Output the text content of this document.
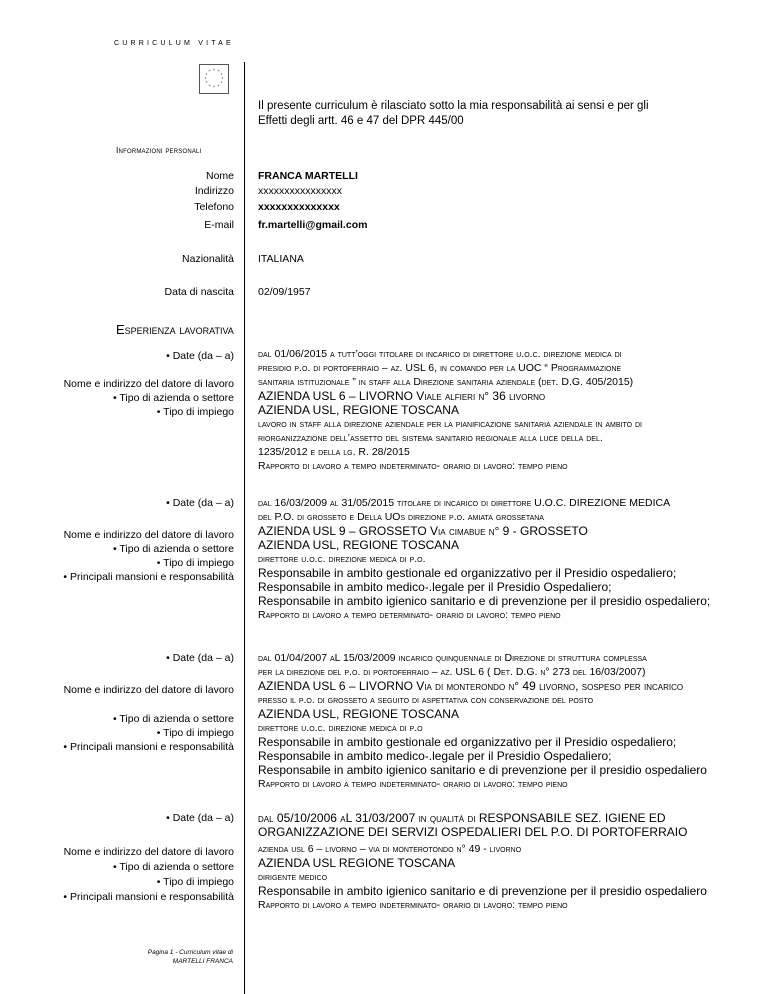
CURRICULUM VITAE
* *
*
*
*
*
*
*
*
*
*
*
Il presente curriculum è rilasciato sotto la mia responsabilità ai sensi e per gli
Effetti degli artt. 46 e 47 del DPR 445/00
Informazioni personali
Nome FRANCA MARTELLI
Indirizzo xxxxxxxxxxxxxxxx
Telefono xxxxxxxxxxxxxx
E-mail fr.martelli@gmail.com
Nazionalità ITALIANA
Data di nascita 02/09/1957
Esperienza lavorativa
• Date (da – a)
Nome e indirizzo del datore di lavoro
• Tipo di azienda o settore
• Tipo di impiego
dal 01/06/2015 a tutt’oggi titolare di incarico di direttore u.o.c. direzione medica di
presidio p.o. di portoferraio – az. USL 6, in comando per la UOC “ Programmazione
sanitaria istituzionale ” in staff alla Direzione sanitaria aziendale (det. D.G. 405/2015)
AZIENDA USL 6 – LIVORNO Viale alfieri n° 36 livorno
AZIENDA USL, REGIONE TOSCANA
lavoro in staff alla direzione aziendale per la pianificazione sanitaria aziendale in ambito di
riorganizzazione dell’assetto del sistema sanitario regionale alla luce della del.
1235/2012 e della lg. R. 28/2015
Rapporto di lavoro a tempo indeterminato- orario di lavoro: tempo pieno
• Date (da – a)
Nome e indirizzo del datore di lavoro
• Tipo di azienda o settore
• Tipo di impiego
• Principali mansioni e responsabilità
dal 16/03/2009 al 31/05/2015 titolare di incarico di direttore U.O.C. DIREZIONE MEDICA
del P.O. di grosseto e Della UOs direzione p.o. amiata grossetana
AZIENDA USL 9 – GROSSETO Via cimabue n° 9 - GROSSETO
AZIENDA USL, REGIONE TOSCANA
direttore u.o.c. direzione medica di p.o.
Responsabile in ambito gestionale ed organizzativo per il Presidio ospedaliero;
Responsabile in ambito medico-.legale per il Presidio Ospedaliero;
Responsabile in ambito igienico sanitario e di prevenzione per il presidio ospedaliero;
Rapporto di lavoro a tempo determinato- orario di lavoro: tempo pieno
• Date (da – a)
Nome e indirizzo del datore di lavoro
• Tipo di azienda o settore
• Tipo di impiego
• Principali mansioni e responsabilità
dal 01/04/2007 aL 15/03/2009 incarico quinquennale di Direzione di struttura complessa
per la direzione del p.o. di portoferraio – az. USL 6 ( Det. D.G. n° 273 del 16/03/2007)
AZIENDA USL 6 – LIVORNO Via di monterondo n° 49 livorno, sospeso per incarico
presso il p.o. di grosseto a seguito di aspettativa con conservazione del posto
AZIENDA USL, REGIONE TOSCANA
direttore u.o.c. direzione medica di p.o
Responsabile in ambito gestionale ed organizzativo per il Presidio ospedaliero;
Responsabile in ambito medico-.legale per il Presidio Ospedaliero;
Responsabile in ambito igienico sanitario e di prevenzione per il presidio ospedaliero
Rapporto di lavoro a tempo indeterminato- orario di lavoro: tempo pieno
• Date (da – a)
Nome e indirizzo del datore di lavoro
• Tipo di azienda o settore
• Tipo di impiego
• Principali mansioni e responsabilità
dal 05/10/2006 aL 31/03/2007 in qualità di RESPONSABILE SEZ. IGIENE ED
ORGANIZZAZIONE DEI SERVIZI OSPEDALIERI DEL P.O. DI PORTOFERRAIO
azienda usl 6 – livorno – via di monterotondo n° 49 - livorno
AZIENDA USL REGIONE TOSCANA
dirigente medico
Responsabile in ambito igienico sanitario e di prevenzione per il presidio ospedaliero
Rapporto di lavoro a tempo indeterminato- orario di lavoro: tempo pieno
Pagina 1 - Curriculum vitae di
MARTELLI FRANCA
